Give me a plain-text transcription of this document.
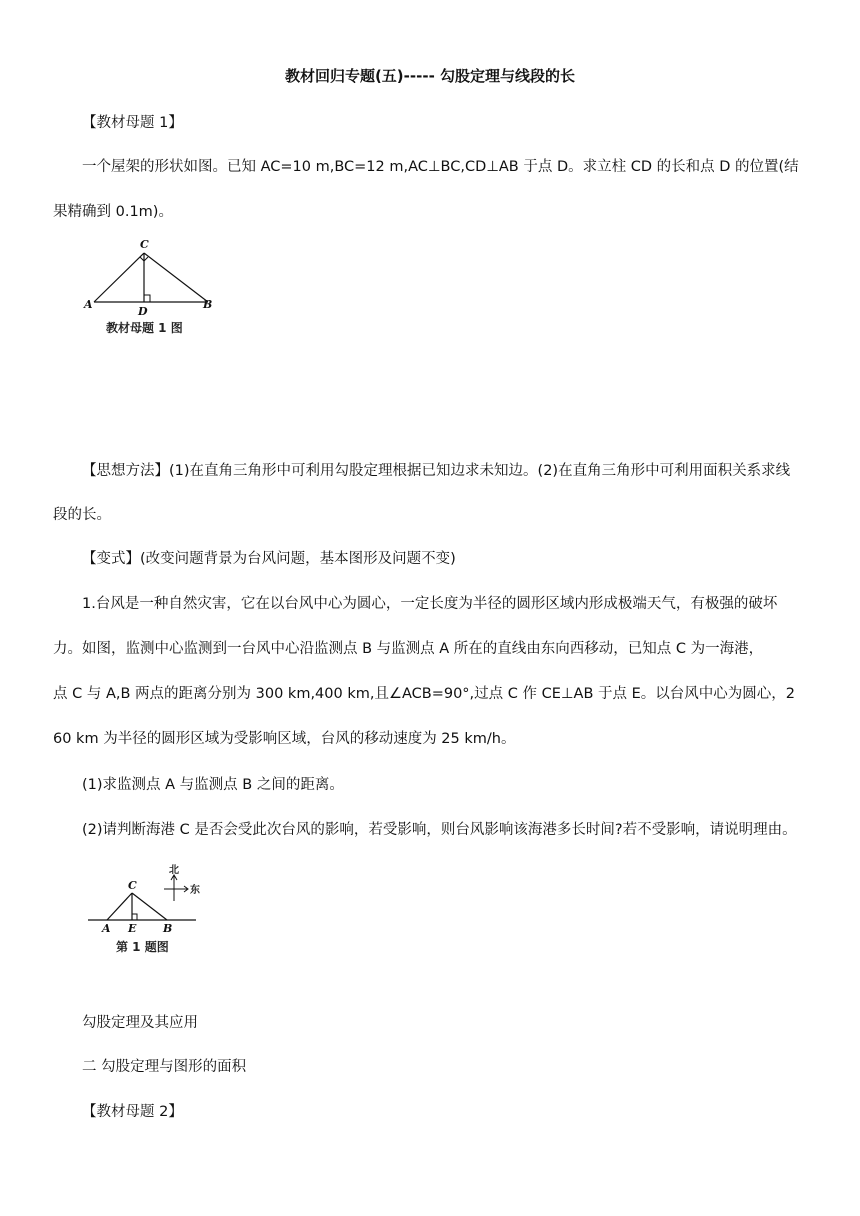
教材回归专题(五)----- 勾股定理与线段的长
【教材母题 1】
一个屋架的形状如图。已知 AC=10 m,BC=12 m,AC⊥BC,CD⊥AB 于点 D。求立柱 CD 的长和点 D 的位置(结
果精确到 0.1m)。
C
A	B
D
教材母题 1 图
【思想方法】(1)在直角三角形中可利用勾股定理根据已知边求未知边。(2)在直角三角形中可利用面积关系求线
段的长。
【变式】(改变问题背景为台风问题，基本图形及问题不变)
1.台风是一种自然灾害，它在以台风中心为圆心，一定长度为半径的圆形区域内形成极端天气，有极强的破坏
力。如图，监测中心监测到一台风中心沿监测点 B 与监测点 A 所在的直线由东向西移动，已知点 C 为一海港，
点 C 与 A,B 两点的距离分别为 300 km,400 km,且∠ACB=90°,过点 C 作 CE⊥AB 于点 E。以台风中心为圆心，2
60 km 为半径的圆形区域为受影响区域，台风的移动速度为 25 km/h。
(1)求监测点 A 与监测点 B 之间的距离。
(2)请判断海港 C 是否会受此次台风的影响，若受影响，则台风影响该海港多长时间?若不受影响，请说明理由。
北
东
C
A E B
第 1 题图
勾股定理及其应用
二 勾股定理与图形的面积
【教材母题 2】
